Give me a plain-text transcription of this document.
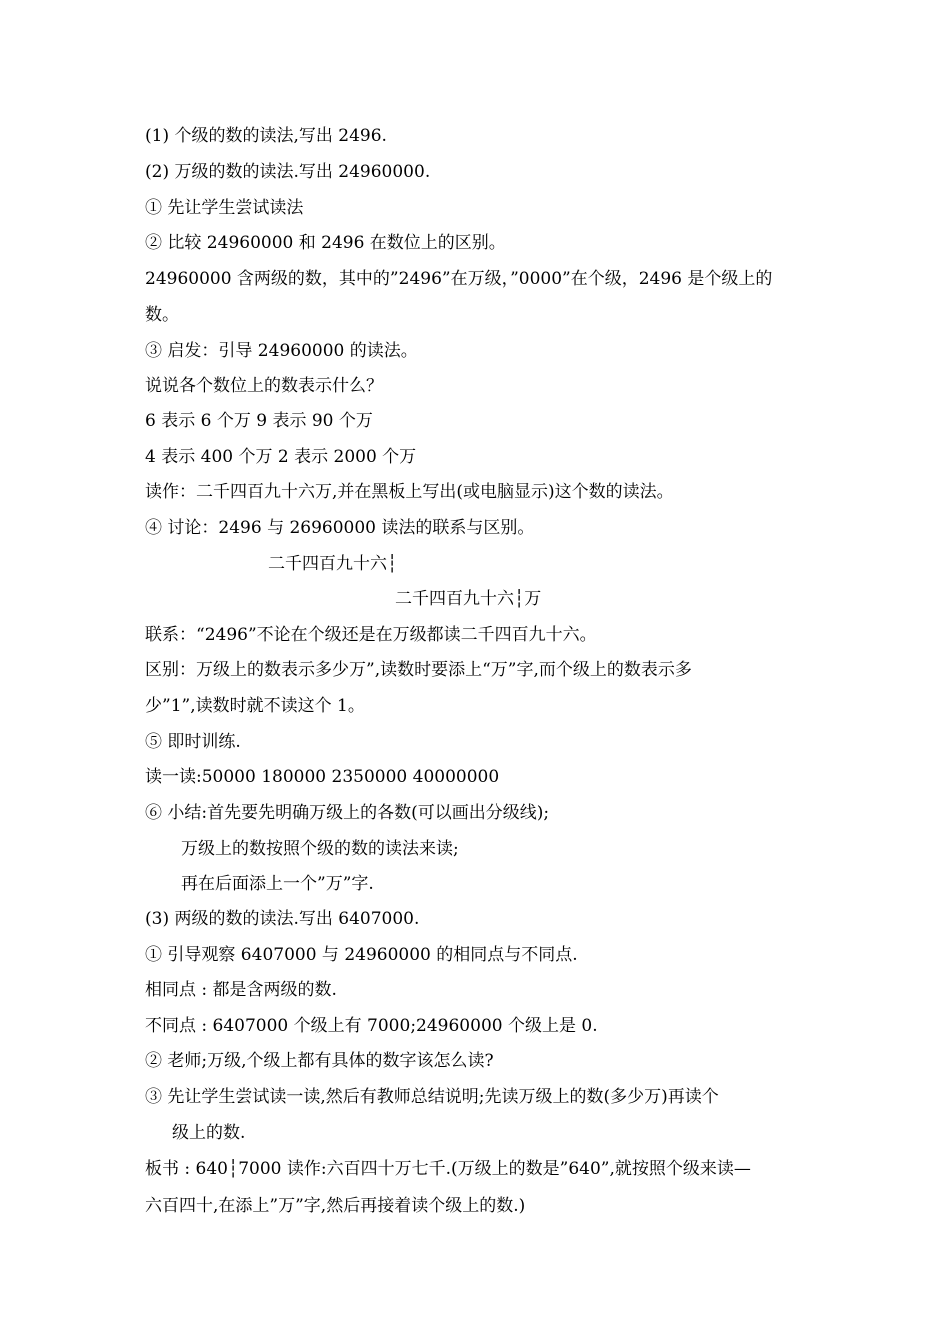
(1) 个级的数的读法,写出 2496.
(2) 万级的数的读法.写出 24960000.
① 先让学生尝试读法
② 比较 24960000 和 2496 在数位上的区别。
24960000 含两级的数，其中的”2496”在万级，”0000”在个级，2496 是个级上的
数。
③ 启发：引导 24960000 的读法。
说说各个数位上的数表示什么？
6 表示 6 个万 9 表示 90 个万
4 表示 400 个万 2 表示 2000 个万
读作：二千四百九十六万,并在黑板上写出(或电脑显示)这个数的读法。
④ 讨论：2496 与 26960000 读法的联系与区别。
二千四百九十六┆
二千四百九十六┆万
联系：“2496”不论在个级还是在万级都读二千四百九十六。
区别：万级上的数表示多少万”,读数时要添上“万”字,而个级上的数表示多
少”1”,读数时就不读这个 1。
⑤ 即时训练.
读一读:50000 180000 2350000 40000000
⑥ 小结:首先要先明确万级上的各数(可以画出分级线);
万级上的数按照个级的数的读法来读;
再在后面添上一个”万”字.
(3) 两级的数的读法.写出 6407000.
① 引导观察 6407000 与 24960000 的相同点与不同点.
相同点 : 都是含两级的数.
不同点 : 6407000 个级上有 7000;24960000 个级上是 0.
② 老师;万级,个级上都有具体的数字该怎么读?
③ 先让学生尝试读一读,然后有教师总结说明;先读万级上的数(多少万)再读个
级上的数.
板书 : 640┆7000 读作:六百四十万七千.(万级上的数是”640”,就按照个级来读—
六百四十,在添上”万”字,然后再接着读个级上的数.)
